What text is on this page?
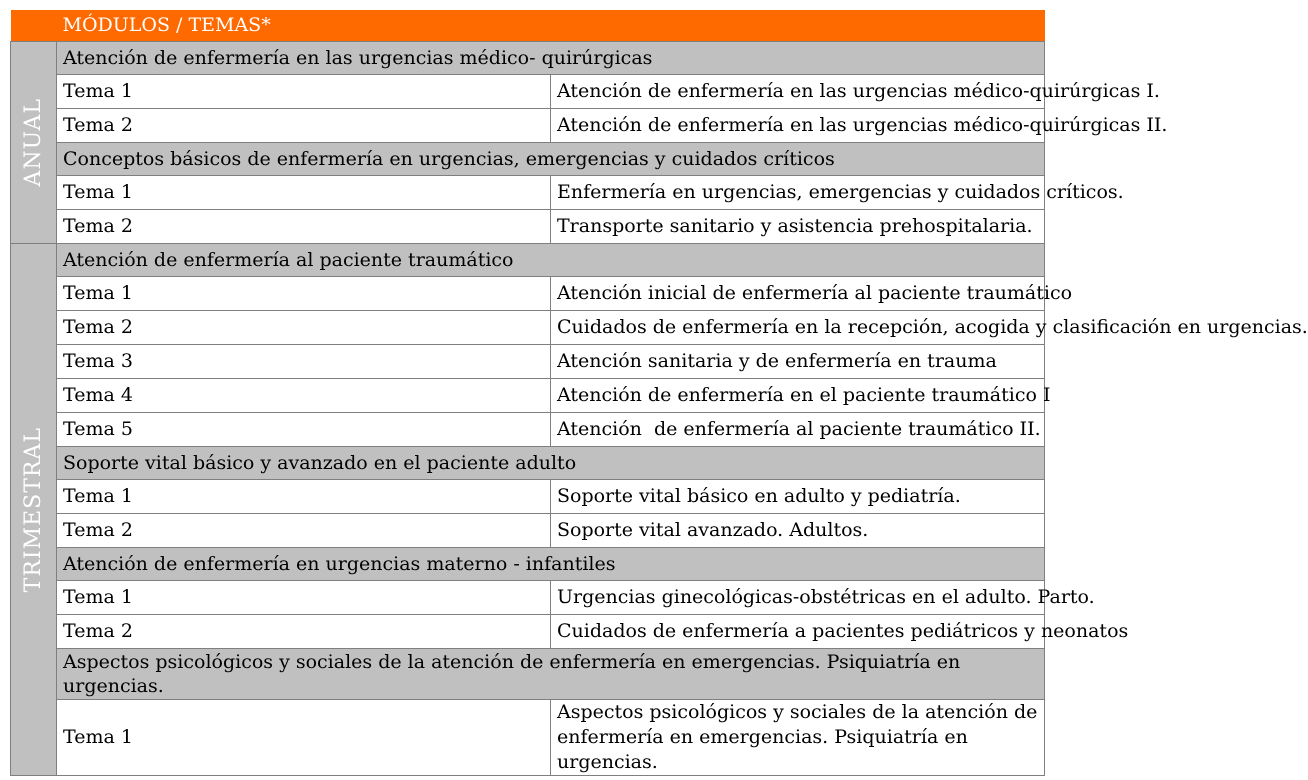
	MÓDULOS / TEMAS*	

ANUAL	Atención de enfermería en las urgencias médico- quirúrgicas	
	Tema 1	Atención de enfermería en las urgencias médico-quirúrgicas I.
	Tema 2	Atención de enfermería en las urgencias médico-quirúrgicas II.
	Conceptos básicos de enfermería en urgencias, emergencias y cuidados críticos	
	Tema 1	Enfermería en urgencias, emergencias y cuidados críticos.
	Tema 2	Transporte sanitario y asistencia prehospitalaria.

TRIMESTRAL	Atención de enfermería al paciente traumático	
	Tema 1	Atención inicial de enfermería al paciente traumático
	Tema 2	Cuidados de enfermería en la recepción, acogida y clasificación en urgencias.
	Tema 3	Atención sanitaria y de enfermería en trauma
	Tema 4	Atención de enfermería en el paciente traumático I
	Tema 5	Atención  de enfermería al paciente traumático II.
	Soporte vital básico y avanzado en el paciente adulto	
	Tema 1	Soporte vital básico en adulto y pediatría.
	Tema 2	Soporte vital avanzado. Adultos.
	Atención de enfermería en urgencias materno - infantiles	
	Tema 1	Urgencias ginecológicas-obstétricas en el adulto. Parto.
	Tema 2	Cuidados de enfermería a pacientes pediátricos y neonatos
	Aspectos psicológicos y sociales de la atención de enfermería en emergencias. Psiquiatría en urgencias.	
	Tema 1	Aspectos psicológicos y sociales de la atención de enfermería en emergencias. Psiquiatría en urgencias.
